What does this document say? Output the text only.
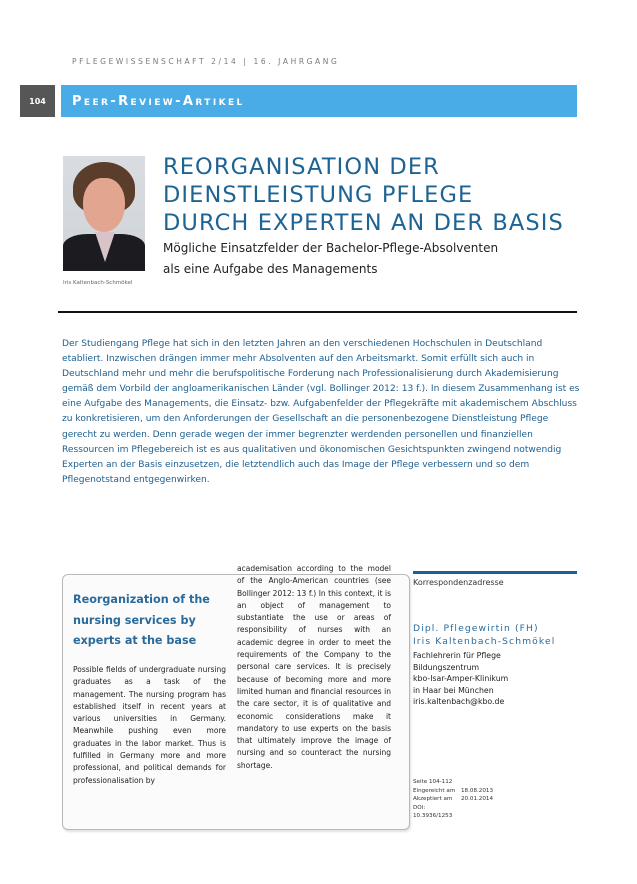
PFLEGEWISSENSCHAFT 2/14 | 16. JAHRGANG
104	Peer-Review-Artikel
Iris Kaltenbach-Schmökel
REORGANISATION DER
DIENSTLEISTUNG PFLEGE
DURCH EXPERTEN AN DER BASIS
Mögliche Einsatzfelder der Bachelor-Pflege-Absolventen
als eine Aufgabe des Managements

Der Studiengang Pflege hat sich in den letzten Jahren an den verschiedenen Hochschulen in Deutschland etabliert. Inzwischen drängen immer mehr Absolventen auf den Arbeitsmarkt. Somit erfüllt sich auch in Deutschland mehr und mehr die berufspolitische Forderung nach Professionalisierung durch Akademisierung gemäß dem Vorbild der angloamerikanischen Länder (vgl. Bollinger 2012: 13 f.). In diesem Zusammenhang ist es eine Aufgabe des Managements, die Einsatz- bzw. Aufgabenfelder der Pflegekräfte mit akademischem Abschluss zu konkretisieren, um den Anforderungen der Gesellschaft an die personenbezogene Dienstleistung Pflege gerecht zu werden. Denn gerade wegen der immer begrenzter werdenden personellen und finanziellen Ressourcen im Pflegebereich ist es aus qualitativen und ökonomischen Gesichtspunkten zwingend notwendig Experten an der Basis einzusetzen, die letztendlich auch das Image der Pflege verbessern und so dem Pflegenotstand entgegenwirken.

Reorganization of the nursing services by experts at the base

Possible fields of undergraduate nursing graduates as a task of the management. The nursing program has established itself in recent years at various universities in Germany. Meanwhile pushing even more graduates in the labor market. Thus is fulfilled in Germany more and more professional, and political demands for professionalisation by

academisation according to the model of the Anglo-American countries (see Bollinger 2012: 13 f.) In this context, it is an object of management to substantiate the use or areas of responsibility of nurses with an academic degree in order to meet the requirements of the Company to the personal care services. It is precisely because of becoming more and more limited human and financial resources in the care sector, it is of qualitative and economic considerations make it mandatory to use experts on the basis that ultimately improve the image of nursing and so counteract the nursing shortage.

Korrespondenzadresse
Dipl. Pflegewirtin (FH)
Iris Kaltenbach-Schmökel
Fachlehrerin für Pflege
Bildungszentrum
kbo-Isar-Amper-Klinikum
in Haar bei München
iris.kaltenbach@kbo.de
Seite 104-112
Eingereicht am 18.08.2013
Akzeptiert am 20.01.2014
DOI: 10.3936/1253
